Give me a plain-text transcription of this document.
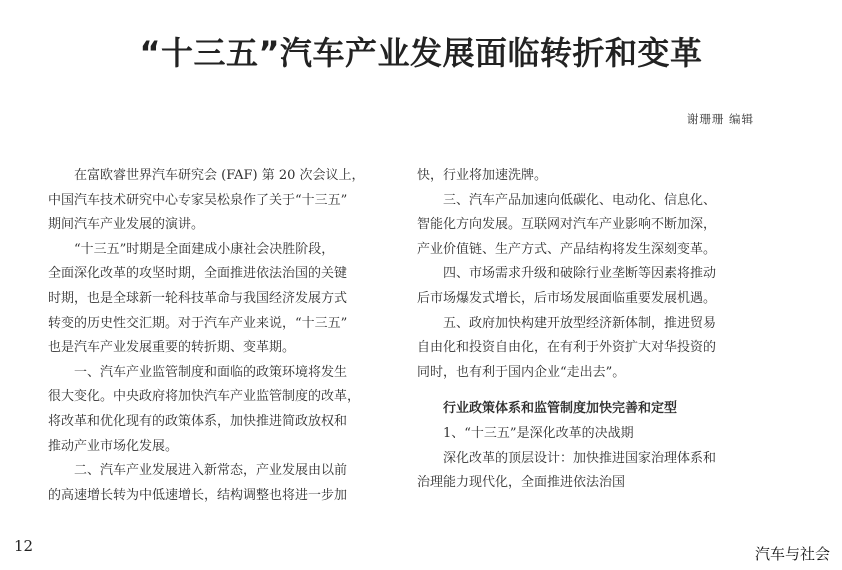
“十三五”汽车产业发展面临转折和变革
谢珊珊 编辑

在富欧睿世界汽车研究会 (FAF) 第 20 次会议上，

中国汽车技术研究中心专家吴松泉作了关于“十三五”

期间汽车产业发展的演讲。

“十三五”时期是全面建成小康社会决胜阶段，

全面深化改革的攻坚时期，全面推进依法治国的关键

时期，也是全球新一轮科技革命与我国经济发展方式

转变的历史性交汇期。对于汽车产业来说，“十三五”

也是汽车产业发展重要的转折期、变革期。

一、汽车产业监管制度和面临的政策环境将发生

很大变化。中央政府将加快汽车产业监管制度的改革，

将改革和优化现有的政策体系，加快推进简政放权和

推动产业市场化发展。

二、汽车产业发展进入新常态，产业发展由以前

的高速增长转为中低速增长，结构调整也将进一步加

快，行业将加速洗牌。

三、汽车产品加速向低碳化、电动化、信息化、

智能化方向发展。互联网对汽车产业影响不断加深，

产业价值链、生产方式、产品结构将发生深刻变革。

四、市场需求升级和破除行业垄断等因素将推动

后市场爆发式增长，后市场发展面临重要发展机遇。

五、政府加快构建开放型经济新体制，推进贸易

自由化和投资自由化，在有利于外资扩大对华投资的

同时，也有利于国内企业“走出去”。

行业政策体系和监管制度加快完善和定型

1、“十三五”是深化改革的决战期

深化改革的顶层设计：加快推进国家治理体系和

治理能力现代化，全面推进依法治国

12	汽车与社会
